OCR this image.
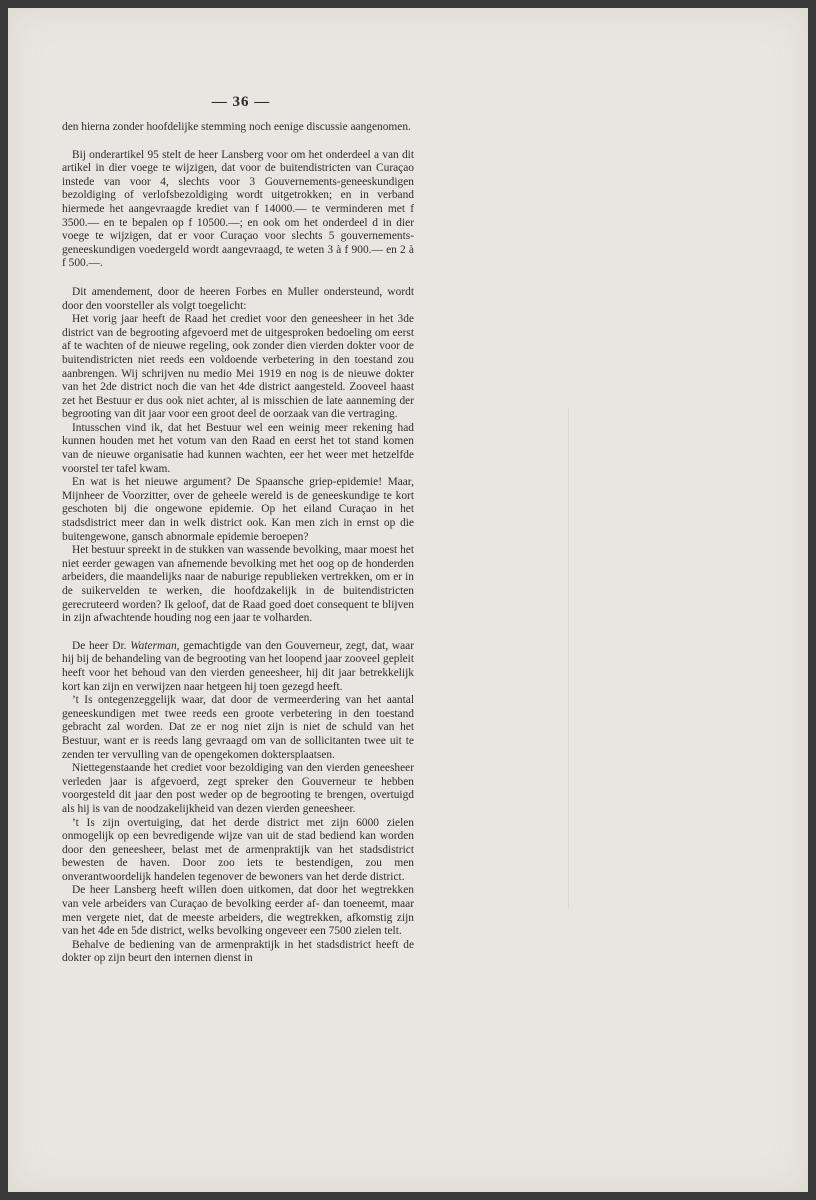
— 36 —

den hierna zonder hoofdelijke stemming noch eenige discussie aangenomen.

Bij onderartikel 95 stelt de heer Lansberg voor om het onderdeel a van dit artikel in dier voege te wijzigen, dat voor de buitendistricten van Curaçao instede van voor 4, slechts voor 3 Gouvernements-geneeskundigen bezoldiging of verlofsbezoldiging wordt uitgetrokken; en in verband hiermede het aangevraagde krediet van f 14000.— te verminderen met f 3500.— en te bepalen op f 10500.—; en ook om het onderdeel d in dier voege te wijzigen, dat er voor Curaçao voor slechts 5 gouvernements-geneeskundigen voedergeld wordt aangevraagd, te weten 3 à f 900.— en 2 à f 500.—.

Dit amendement, door de heeren Forbes en Muller ondersteund, wordt door den voorsteller als volgt toegelicht:

Het vorig jaar heeft de Raad het crediet voor den geneesheer in het 3de district van de begrooting afgevoerd met de uitgesproken bedoeling om eerst af te wachten of de nieuwe regeling, ook zonder dien vierden dokter voor de buitendistricten niet reeds een voldoende verbetering in den toestand zou aanbrengen. Wij schrijven nu medio Mei 1919 en nog is de nieuwe dokter van het 2de district noch die van het 4de district aangesteld. Zooveel haast zet het Bestuur er dus ook niet achter, al is misschien de late aanneming der begrooting van dit jaar voor een groot deel de oorzaak van die vertraging.

Intusschen vind ik, dat het Bestuur wel een weinig meer rekening had kunnen houden met het votum van den Raad en eerst het tot stand komen van de nieuwe organisatie had kunnen wachten, eer het weer met hetzelfde voorstel ter tafel kwam.

En wat is het nieuwe argument? De Spaansche griep-epidemie! Maar, Mijnheer de Voorzitter, over de geheele wereld is de geneeskundige te kort geschoten bij die ongewone epidemie. Op het eiland Curaçao in het stadsdistrict meer dan in welk district ook. Kan men zich in ernst op die buitengewone, gansch abnormale epidemie beroepen?

Het bestuur spreekt in de stukken van wassende bevolking, maar moest het niet eerder gewagen van afnemende bevolking met het oog op de honderden arbeiders, die maandelijks naar de naburige republieken vertrekken, om er in de suikervelden te werken, die hoofdzakelijk in de buitendistricten gerecruteerd worden? Ik geloof, dat de Raad goed doet consequent te blijven in zijn afwachtende houding nog een jaar te volharden.

De heer Dr. Waterman, gemachtigde van den Gouverneur, zegt, dat, waar hij bij de behandeling van de begrooting van het loopend jaar zooveel gepleit heeft voor het behoud van den vierden geneesheer, hij dit jaar betrekkelijk kort kan zijn en verwijzen naar hetgeen hij toen gezegd heeft.

’t Is ontegenzeggelijk waar, dat door de vermeerdering van het aantal geneeskundigen met twee reeds een groote verbetering in den toestand gebracht zal worden. Dat ze er nog niet zijn is niet de schuld van het Bestuur, want er is reeds lang gevraagd om van de sollicitanten twee uit te zenden ter vervulling van de opengekomen doktersplaatsen.

Niettegenstaande het crediet voor bezoldiging van den vierden geneesheer verleden jaar is afgevoerd, zegt spreker den Gouverneur te hebben voorgesteld dit jaar den post weder op de begrooting te brengen, overtuigd als hij is van de noodzakelijkheid van dezen vierden geneesheer.

’t Is zijn overtuiging, dat het derde district met zijn 6000 zielen onmogelijk op een bevredigende wijze van uit de stad bediend kan worden door den geneesheer, belast met de armenpraktijk van het stadsdistrict bewesten de haven. Door zoo iets te bestendigen, zou men onverantwoordelijk handelen tegenover de bewoners van het derde district.

De heer Lansberg heeft willen doen uitkomen, dat door het wegtrekken van vele arbeiders van Curaçao de bevolking eerder af- dan toeneemt, maar men vergete niet, dat de meeste arbeiders, die wegtrekken, afkomstig zijn van het 4de en 5de district, welks bevolking ongeveer een 7500 zielen telt.

Behalve de bediening van de armenpraktijk in het stadsdistrict heeft de dokter op zijn beurt den internen dienst in
